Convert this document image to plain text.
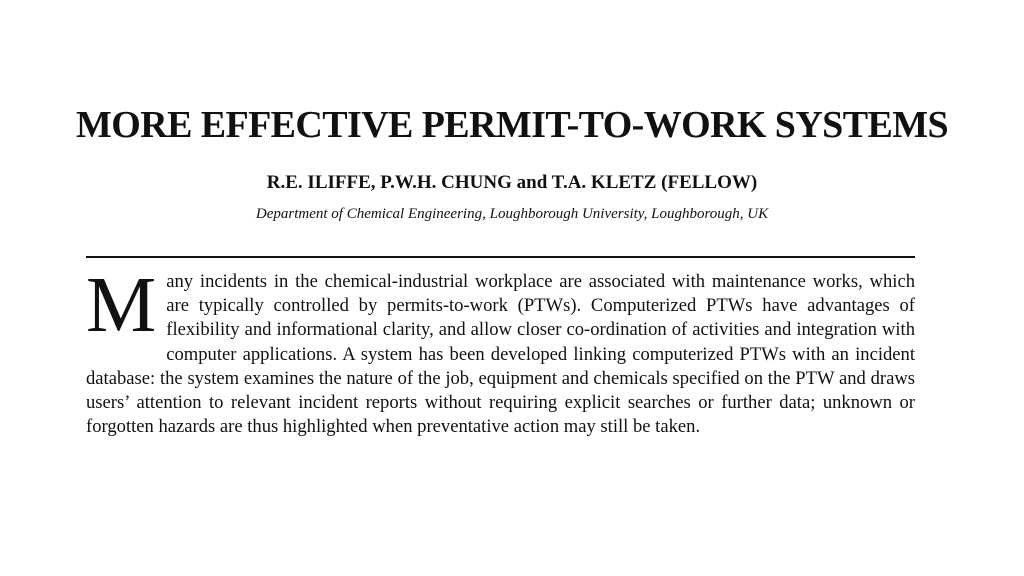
MORE EFFECTIVE PERMIT-TO-WORK SYSTEMS
R.E. ILIFFE, P.W.H. CHUNG and T.A. KLETZ (FELLOW)
Department of Chemical Engineering, Loughborough University, Loughborough, UK

Many incidents in the chemical-industrial workplace are associated with maintenance works, which are typically controlled by permits-to-work (PTWs). Computerized PTWs have advantages of flexibility and informational clarity, and allow closer co-ordination of activities and integration with computer applications. A system has been developed linking computerized PTWs with an incident database: the system examines the nature of the job, equipment and chemicals specified on the PTW and draws users’ attention to relevant incident reports without requiring explicit searches or further data; unknown or forgotten hazards are thus highlighted when preventative action may still be taken.
